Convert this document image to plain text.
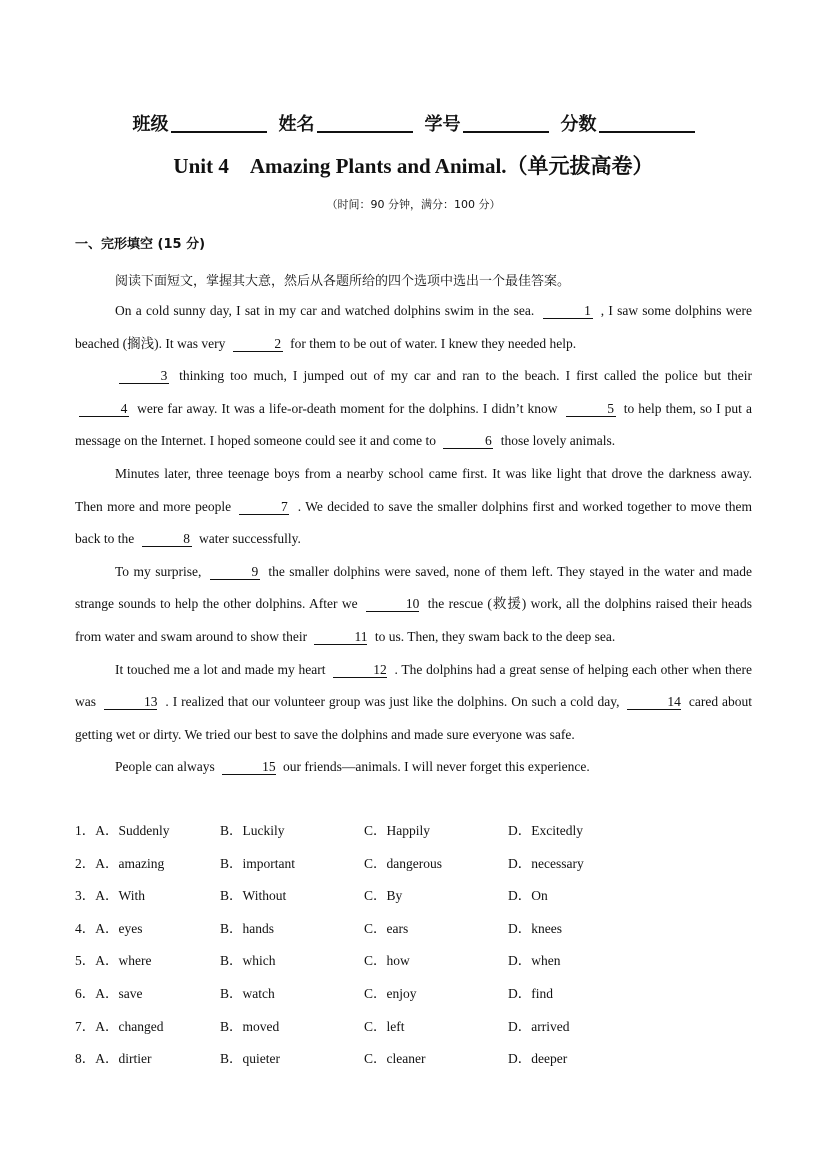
班级	姓名	学号	分数
Unit 4　Amazing Plants and Animal.（单元拔高卷）
（时间：90 分钟，满分：100 分）
一、完形填空 (15 分)
阅读下面短文，掌握其大意，然后从各题所给的四个选项中选出一个最佳答案。

On a cold sunny day, I sat in my car and watched dolphins swim in the sea.	1 , I saw some dolphins were beached (搁浅). It was very	2 for them to be out of water. I knew they needed help.

3 thinking too much, I jumped out of my car and ran to the beach. I first called the police but their 4 were far away. It was a life-or-death moment for the dolphins. I didn’t know	5 to help them, so I put a message on the Internet. I hoped someone could see it and come to	6 those lovely animals.

Minutes later, three teenage boys from a nearby school came first. It was like light that drove the darkness away. Then more and more people	7 . We decided to save the smaller dolphins first and worked together to move them back to the	8 water successfully.

To my surprise,	9 the smaller dolphins were saved, none of them left. They stayed in the water and made strange sounds to help the other dolphins. After we	10 the rescue (救援) work, all the dolphins raised their heads from water and swam around to show their	11 to us. Then, they swam back to the deep sea.

It touched me a lot and made my heart	12 . The dolphins had a great sense of helping each other when there was	13 . I realized that our volunteer group was just like the dolphins. On such a cold day,	14 cared about getting wet or dirty. We tried our best to save the dolphins and made sure everyone was safe.

People can always	15 our friends—animals. I will never forget this experience.

1．A．Suddenly	B．Luckily	C．Happily	D．Excitedly
2．A．amazing	B．important	C．dangerous	D．necessary
3．A．With	B．Without	C．By	D．On
4．A．eyes	B．hands	C．ears	D．knees
5．A．where	B．which	C．how	D．when
6．A．save	B．watch	C．enjoy	D．find
7．A．changed	B．moved	C．left	D．arrived
8．A．dirtier	B．quieter	C．cleaner	D．deeper
